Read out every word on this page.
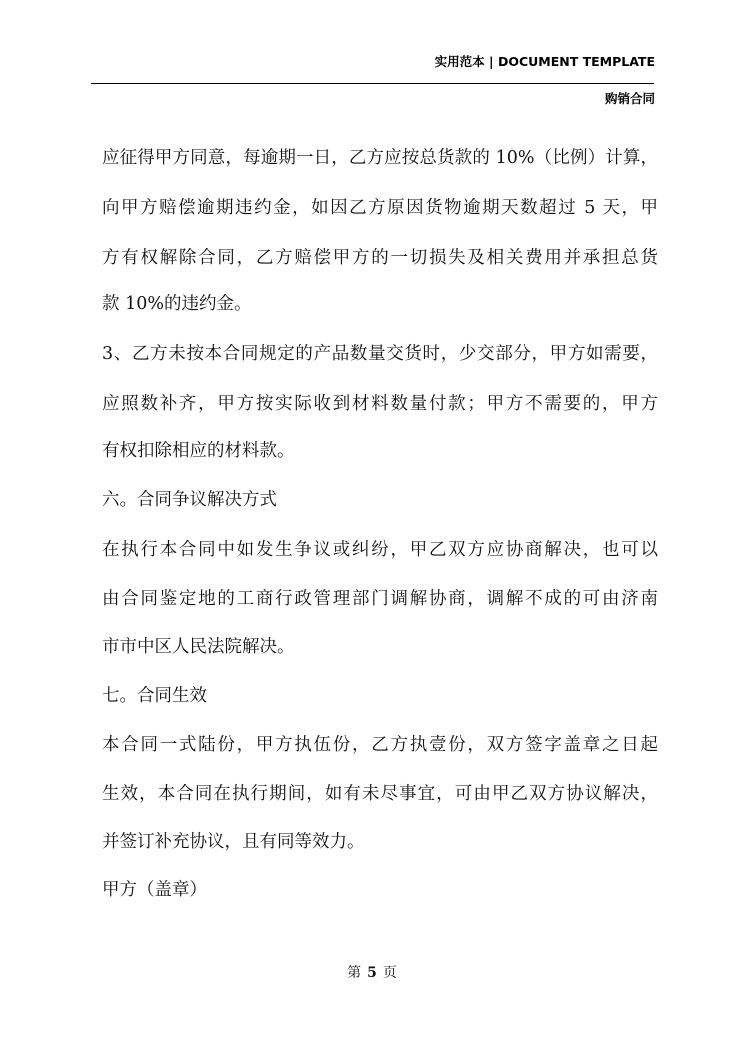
实用范本 | DOCUMENT TEMPLATE
购销合同
应征得甲方同意，每逾期一日，乙方应按总货款的 10%（比例）计算，
向甲方赔偿逾期违约金，如因乙方原因货物逾期天数超过 5 天，甲
方有权解除合同，乙方赔偿甲方的一切损失及相关费用并承担总货
款 10%的违约金。
3、乙方未按本合同规定的产品数量交货时，少交部分，甲方如需要，
应照数补齐，甲方按实际收到材料数量付款；甲方不需要的，甲方
有权扣除相应的材料款。
六。合同争议解决方式
在执行本合同中如发生争议或纠纷，甲乙双方应协商解决，也可以
由合同鉴定地的工商行政管理部门调解协商，调解不成的可由济南
市市中区人民法院解决。
七。合同生效
本合同一式陆份，甲方执伍份，乙方执壹份，双方签字盖章之日起
生效，本合同在执行期间，如有未尽事宜，可由甲乙双方协议解决，
并签订补充协议，且有同等效力。
甲方（盖章）
第 5 页
